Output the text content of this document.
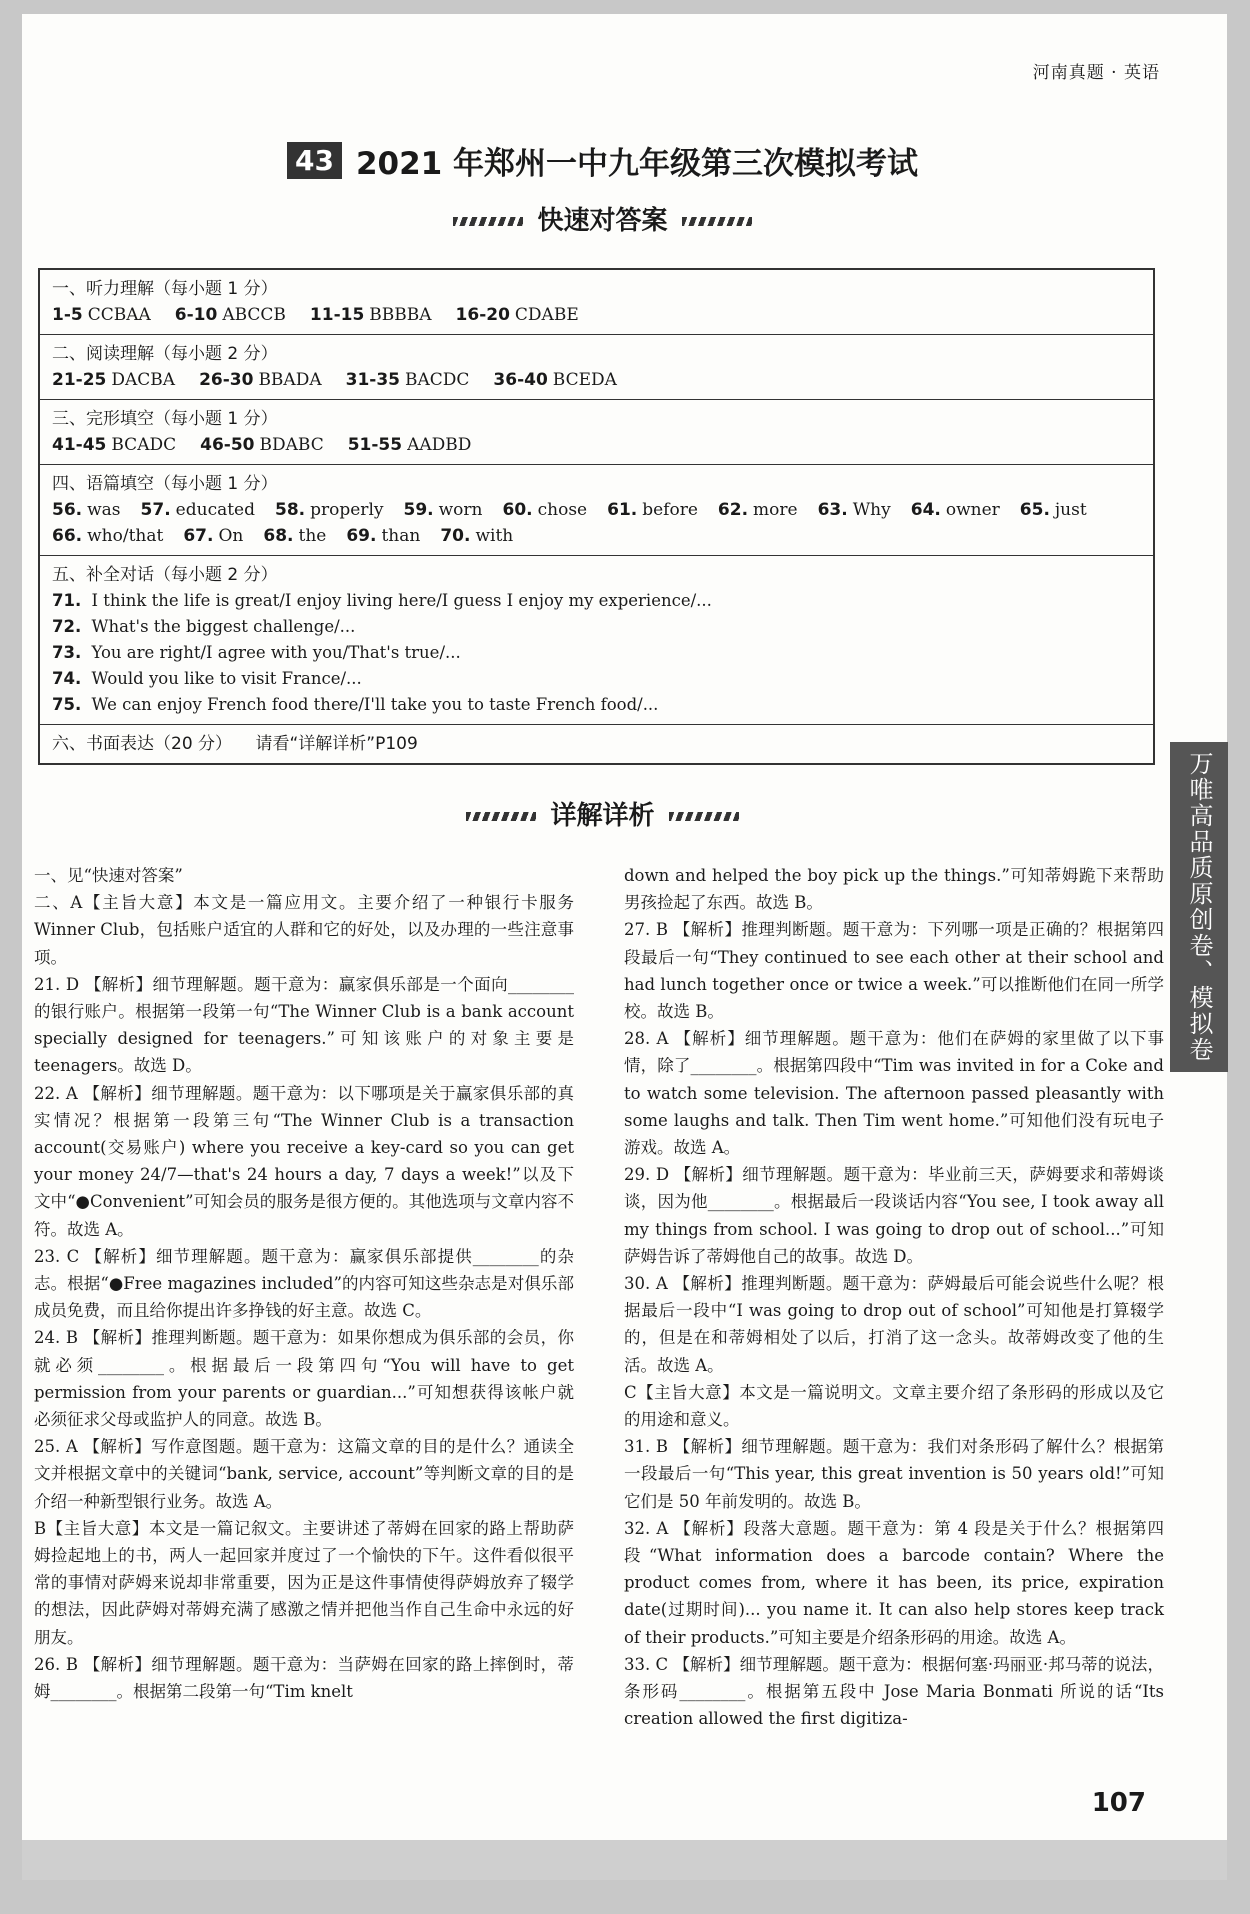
河南真题 · 英语
43 2021 年郑州一中九年级第三次模拟考试
快速对答案
一、听力理解（每小题 1 分）
1-5 CCBAA 6-10 ABCCB 11-15 BBBBA 16-20 CDABE
二、阅读理解（每小题 2 分）
21-25 DACBA 26-30 BBADA 31-35 BACDC 36-40 BCEDA
三、完形填空（每小题 1 分）
41-45 BCADC 46-50 BDABC 51-55 AADBD
四、语篇填空（每小题 1 分）
56. was 57. educated 58. properly 59. worn 60. chose 61. before 62. more 63. Why 64. owner 65. just
66. who/that 67. On 68. the 69. than 70. with
五、补全对话（每小题 2 分）
71. I think the life is great/I enjoy living here/I guess I enjoy my experience/...
72. What's the biggest challenge/...
73. You are right/I agree with you/That's true/...
74. Would you like to visit France/...
75. We can enjoy French food there/I'll take you to taste French food/...
六、书面表达（20 分） 请看“详解详析”P109
详解详析	万唯高品质原创卷、模拟卷

一、见“快速对答案”

二、A【主旨大意】本文是一篇应用文。主要介绍了一种银行卡服务 Winner Club，包括账户适宜的人群和它的好处，以及办理的一些注意事项。

21. D 【解析】细节理解题。题干意为：赢家俱乐部是一个面向________的银行账户。根据第一段第一句“The Winner Club is a bank account specially designed for teenagers.”可知该账户的对象主要是 teenagers。故选 D。

22. A 【解析】细节理解题。题干意为：以下哪项是关于赢家俱乐部的真实情况？根据第一段第三句“The Winner Club is a transaction account(交易账户) where you receive a key-card so you can get your money 24/7—that's 24 hours a day, 7 days a week!”以及下文中“●Convenient”可知会员的服务是很方便的。其他选项与文章内容不符。故选 A。

23. C 【解析】细节理解题。题干意为：赢家俱乐部提供________的杂志。根据“●Free magazines included”的内容可知这些杂志是对俱乐部成员免费，而且给你提出许多挣钱的好主意。故选 C。

24. B 【解析】推理判断题。题干意为：如果你想成为俱乐部的会员，你就必须________。根据最后一段第四句“You will have to get permission from your parents or guardian...”可知想获得该帐户就必须征求父母或监护人的同意。故选 B。

25. A 【解析】写作意图题。题干意为：这篇文章的目的是什么？通读全文并根据文章中的关键词“bank, service, account”等判断文章的目的是介绍一种新型银行业务。故选 A。

B【主旨大意】本文是一篇记叙文。主要讲述了蒂姆在回家的路上帮助萨姆捡起地上的书，两人一起回家并度过了一个愉快的下午。这件看似很平常的事情对萨姆来说却非常重要，因为正是这件事情使得萨姆放弃了辍学的想法，因此萨姆对蒂姆充满了感激之情并把他当作自己生命中永远的好朋友。

26. B 【解析】细节理解题。题干意为：当萨姆在回家的路上摔倒时，蒂姆________。根据第二段第一句“Tim knelt

down and helped the boy pick up the things.”可知蒂姆跪下来帮助男孩捡起了东西。故选 B。

27. B 【解析】推理判断题。题干意为：下列哪一项是正确的？根据第四段最后一句“They continued to see each other at their school and had lunch together once or twice a week.”可以推断他们在同一所学校。故选 B。

28. A 【解析】细节理解题。题干意为：他们在萨姆的家里做了以下事情，除了________。根据第四段中“Tim was invited in for a Coke and to watch some television. The afternoon passed pleasantly with some laughs and talk. Then Tim went home.”可知他们没有玩电子游戏。故选 A。

29. D 【解析】细节理解题。题干意为：毕业前三天，萨姆要求和蒂姆谈谈，因为他________。根据最后一段谈话内容“You see, I took away all my things from school. I was going to drop out of school...”可知萨姆告诉了蒂姆他自己的故事。故选 D。

30. A 【解析】推理判断题。题干意为：萨姆最后可能会说些什么呢？根据最后一段中“I was going to drop out of school”可知他是打算辍学的，但是在和蒂姆相处了以后，打消了这一念头。故蒂姆改变了他的生活。故选 A。

C【主旨大意】本文是一篇说明文。文章主要介绍了条形码的形成以及它的用途和意义。

31. B 【解析】细节理解题。题干意为：我们对条形码了解什么？根据第一段最后一句“This year, this great invention is 50 years old!”可知它们是 50 年前发明的。故选 B。

32. A 【解析】段落大意题。题干意为：第 4 段是关于什么？根据第四段“What information does a barcode contain? Where the product comes from, where it has been, its price, expiration date(过期时间)... you name it. It can also help stores keep track of their products.”可知主要是介绍条形码的用途。故选 A。

33. C 【解析】细节理解题。题干意为：根据何塞·玛丽亚·邦马蒂的说法，条形码________。根据第五段中 Jose Maria Bonmati 所说的话“Its creation allowed the first digitiza-

107
